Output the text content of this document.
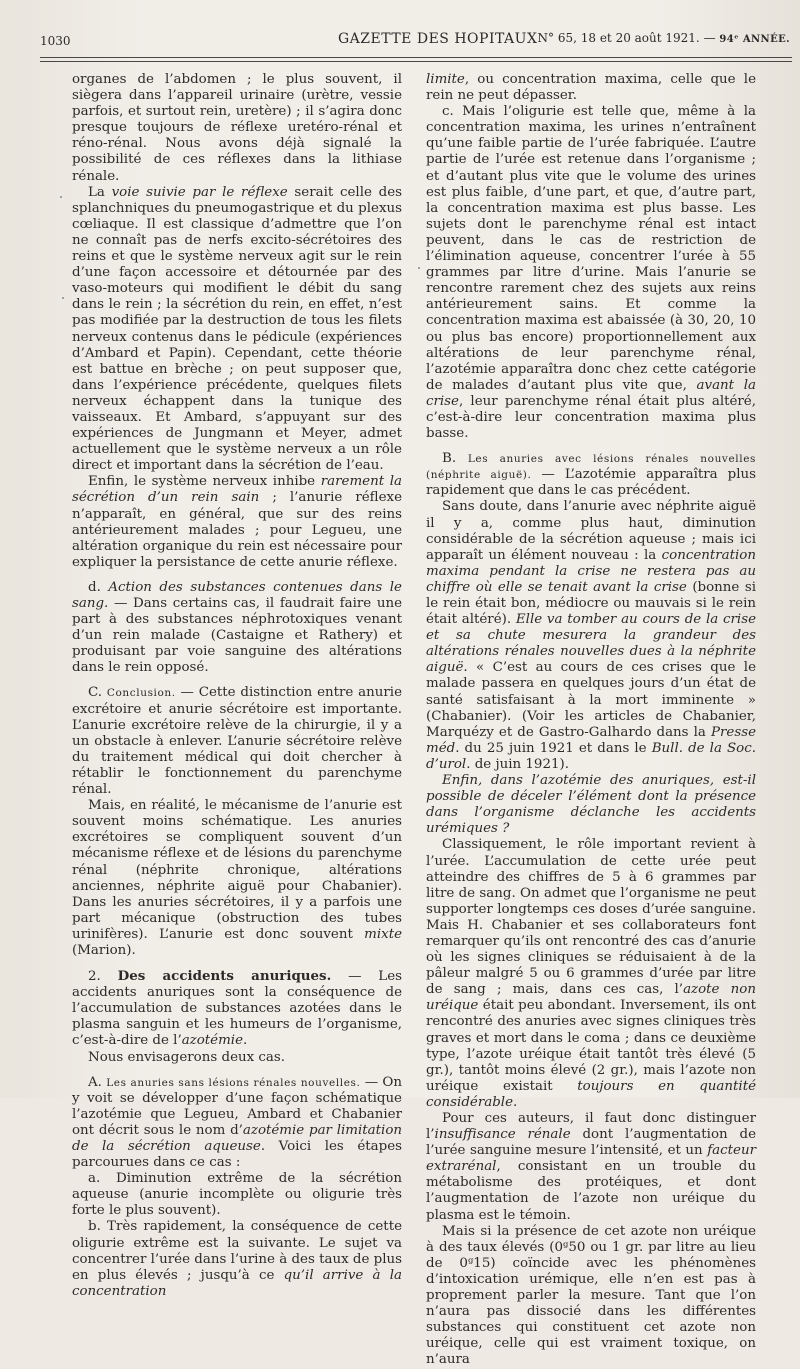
1030	GAZETTE DES HOPITAUX N° 65, 18 et 20 août 1921. — 94ᵉ ANNÉE.

organes de l’abdomen ; le plus souvent, il siègera dans l’appareil urinaire (urètre, vessie parfois, et surtout rein, uretère) ; il s’agira donc presque toujours de réflexe uretéro-rénal et réno-rénal. Nous avons déjà signalé la possibilité de ces réflexes dans la lithiase rénale.

La voie suivie par le réflexe serait celle des splanchniques du pneumogastrique et du plexus cœliaque. Il est classique d’admettre que l’on ne connaît pas de nerfs excito-sécrétoires des reins et que le système nerveux agit sur le rein d’une façon accessoire et détournée par des vaso-moteurs qui modifient le débit du sang dans le rein ; la sécrétion du rein, en effet, n’est pas modifiée par la destruction de tous les filets nerveux contenus dans le pédicule (expériences d’Ambard et Papin). Cependant, cette théorie est battue en brèche ; on peut supposer que, dans l’expérience précédente, quelques filets nerveux échappent dans la tunique des vaisseaux. Et Ambard, s’appuyant sur des expériences de Jungmann et Meyer, admet actuellement que le système nerveux a un rôle direct et important dans la sécrétion de l’eau.

Enfin, le système nerveux inhibe rarement la sécrétion d’un rein sain ; l’anurie réflexe n’apparaît, en général, que sur des reins antérieurement malades ; pour Legueu, une altération organique du rein est nécessaire pour expliquer la persistance de cette anurie réflexe.

d. Action des substances contenues dans le sang. — Dans certains cas, il faudrait faire une part à des substances néphrotoxiques venant d’un rein malade (Castaigne et Rathery) et produisant par voie sanguine des altérations dans le rein opposé.

C. Conclusion. — Cette distinction entre anurie excrétoire et anurie sécrétoire est importante. L’anurie excrétoire relève de la chirurgie, il y a un obstacle à enlever. L’anurie sécrétoire relève du traitement médical qui doit chercher à rétablir le fonctionnement du parenchyme rénal.

Mais, en réalité, le mécanisme de l’anurie est souvent moins schématique. Les anuries excrétoires se compliquent souvent d’un mécanisme réflexe et de lésions du parenchyme rénal (néphrite chronique, altérations anciennes, néphrite aiguë pour Chabanier). Dans les anuries sécrétoires, il y a parfois une part mécanique (obstruction des tubes urinifères). L’anurie est donc souvent mixte (Marion).

2. Des accidents anuriques. — Les accidents anuriques sont la conséquence de l’accumulation de substances azotées dans le plasma sanguin et les humeurs de l’organisme, c’est-à-dire de l’azotémie.

Nous envisagerons deux cas.

A. Les anuries sans lésions rénales nouvelles. — On y voit se développer d’une façon schématique l’azotémie que Legueu, Ambard et Chabanier ont décrit sous le nom d’azotémie par limitation de la sécrétion aqueuse. Voici les étapes parcourues dans ce cas :

a. Diminution extrême de la sécrétion aqueuse (anurie incomplète ou oligurie très forte le plus souvent).

b. Très rapidement, la conséquence de cette oligurie extrême est la suivante. Le sujet va concentrer l’urée dans l’urine à des taux de plus en plus élevés ; jusqu’à ce qu’il arrive à la concentration

limite, ou concentration maxima, celle que le rein ne peut dépasser.

c. Mais l’oligurie est telle que, même à la concentration maxima, les urines n’entraînent qu’une faible partie de l’urée fabriquée. L’autre partie de l’urée est retenue dans l’organisme ; et d’autant plus vite que le volume des urines est plus faible, d’une part, et que, d’autre part, la concentration maxima est plus basse. Les sujets dont le parenchyme rénal est intact peuvent, dans le cas de restriction de l’élimination aqueuse, concentrer l’urée à 55 grammes par litre d’urine. Mais l’anurie se rencontre rarement chez des sujets aux reins antérieurement sains. Et comme la concentration maxima est abaissée (à 30, 20, 10 ou plus bas encore) proportionnellement aux altérations de leur parenchyme rénal, l’azotémie apparaîtra donc chez cette catégorie de malades d’autant plus vite que, avant la crise, leur parenchyme rénal était plus altéré, c’est-à-dire leur concentration maxima plus basse.

B. Les anuries avec lésions rénales nouvelles (néphrite aiguë). — L’azotémie apparaîtra plus rapidement que dans le cas précédent.

Sans doute, dans l’anurie avec néphrite aiguë il y a, comme plus haut, diminution considérable de la sécrétion aqueuse ; mais ici apparaît un élément nouveau : la concentration maxima pendant la crise ne restera pas au chiffre où elle se tenait avant la crise (bonne si le rein était bon, médiocre ou mauvais si le rein était altéré). Elle va tomber au cours de la crise et sa chute mesurera la grandeur des altérations rénales nouvelles dues à la néphrite aiguë. « C’est au cours de ces crises que le malade passera en quelques jours d’un état de santé satisfaisant à la mort imminente » (Chabanier). (Voir les articles de Chabanier, Marquézy et de Gastro-Galhardo dans la Presse méd. du 25 juin 1921 et dans le Bull. de la Soc. d’urol. de juin 1921).

Enfin, dans l’azotémie des anuriques, est-il possible de déceler l’élément dont la présence dans l’organisme déclanche les accidents urémiques ?

Classiquement, le rôle important revient à l’urée. L’accumulation de cette urée peut atteindre des chiffres de 5 à 6 grammes par litre de sang. On admet que l’organisme ne peut supporter longtemps ces doses d’urée sanguine. Mais H. Chabanier et ses collaborateurs font remarquer qu’ils ont rencontré des cas d’anurie où les signes cliniques se réduisaient à de la pâleur malgré 5 ou 6 grammes d’urée par litre de sang ; mais, dans ces cas, l’azote non uréique était peu abondant. Inversement, ils ont rencontré des anuries avec signes cliniques très graves et mort dans le coma ; dans ce deuxième type, l’azote uréique était tantôt très élevé (5 gr.), tantôt moins élevé (2 gr.), mais l’azote non uréique existait toujours en quantité considérable.

Pour ces auteurs, il faut donc distinguer l’insuffisance rénale dont l’augmentation de l’urée sanguine mesure l’intensité, et un facteur extrarénal, consistant en un trouble du métabolisme des protéiques, et dont l’augmentation de l’azote non uréique du plasma est le témoin.

Mais si la présence de cet azote non uréique à des taux élevés (0ᵍ50 ou 1 gr. par litre au lieu de 0ᵍ15) coïncide avec les phénomènes d’intoxication urémique, elle n’en est pas à proprement parler la mesure. Tant que l’on n’aura pas dissocié dans les différentes substances qui constituent cet azote non uréique, celle qui est vraiment toxique, on n’aura
